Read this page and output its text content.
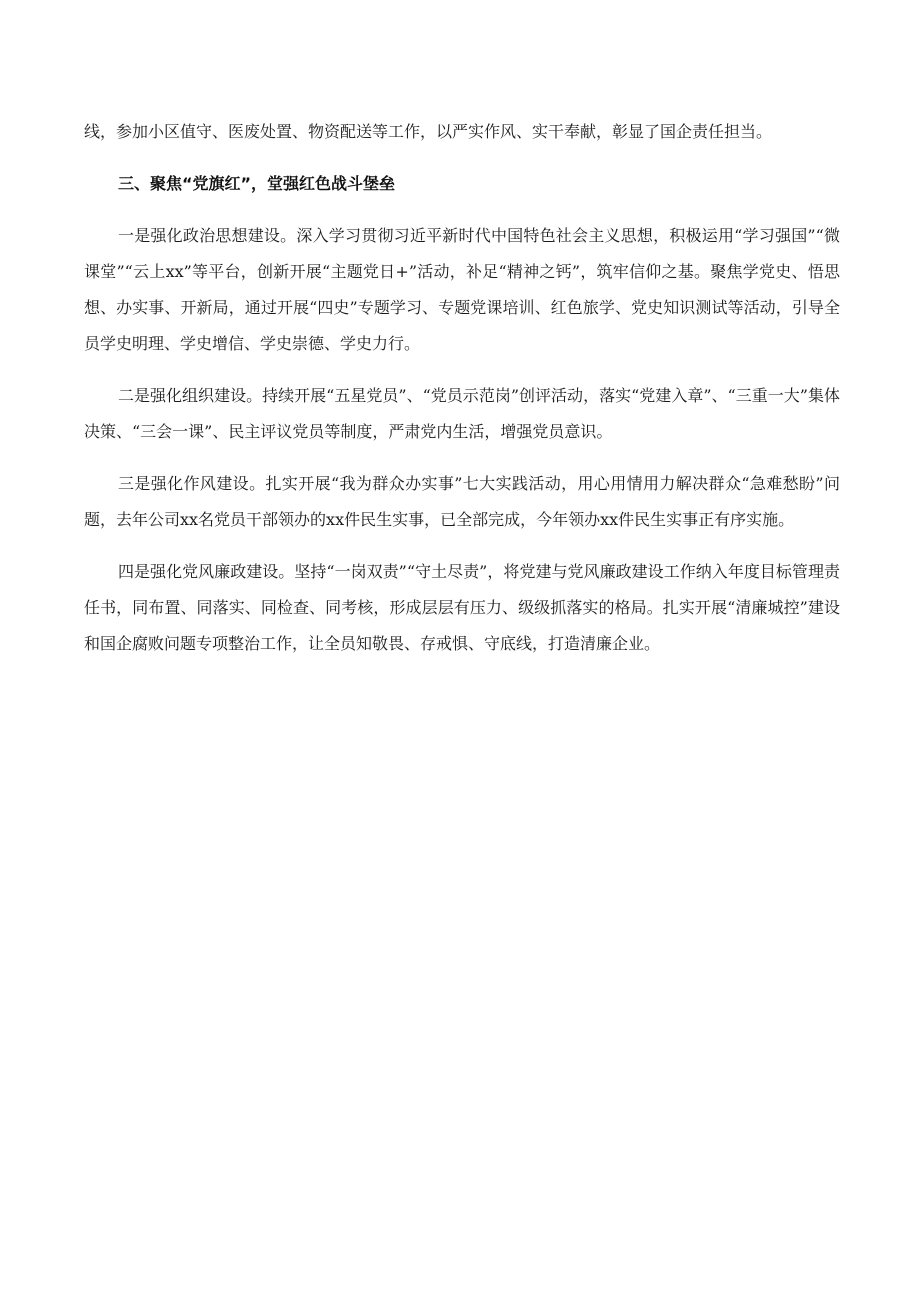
线，参加小区值守、医废处置、物资配送等工作，以严实作风、实干奉献，彰显了国企责任担当。

三、聚焦“党旗红”，堂强红色战斗堡垒

一是强化政治思想建设。深入学习贯彻习近平新时代中国特色社会主义思想，积极运用“学习强国”“微课堂”“云上xx”等平台，创新开展“主题党日+”活动，补足“精神之钙”，筑牢信仰之基。聚焦学党史、悟思想、办实事、开新局，通过开展“四史”专题学习、专题党课培训、红色旅学、党史知识测试等活动，引导全员学史明理、学史增信、学史崇德、学史力行。

二是强化组织建设。持续开展“五星党员”、“党员示范岗”创评活动，落实“党建入章”、“三重一大”集体决策、“三会一课”、民主评议党员等制度，严肃党内生活，增强党员意识。

三是强化作风建设。扎实开展“我为群众办实事”七大实践活动，用心用情用力解决群众“急难愁盼”问题，去年公司xx名党员干部领办的xx件民生实事，已全部完成，今年领办xx件民生实事正有序实施。

四是强化党风廉政建设。坚持“一岗双责”“守土尽责”，将党建与党风廉政建设工作纳入年度目标管理责任书，同布置、同落实、同检查、同考核，形成层层有压力、级级抓落实的格局。扎实开展“清廉城控”建设和国企腐败问题专项整治工作，让全员知敬畏、存戒惧、守底线，打造清廉企业。
